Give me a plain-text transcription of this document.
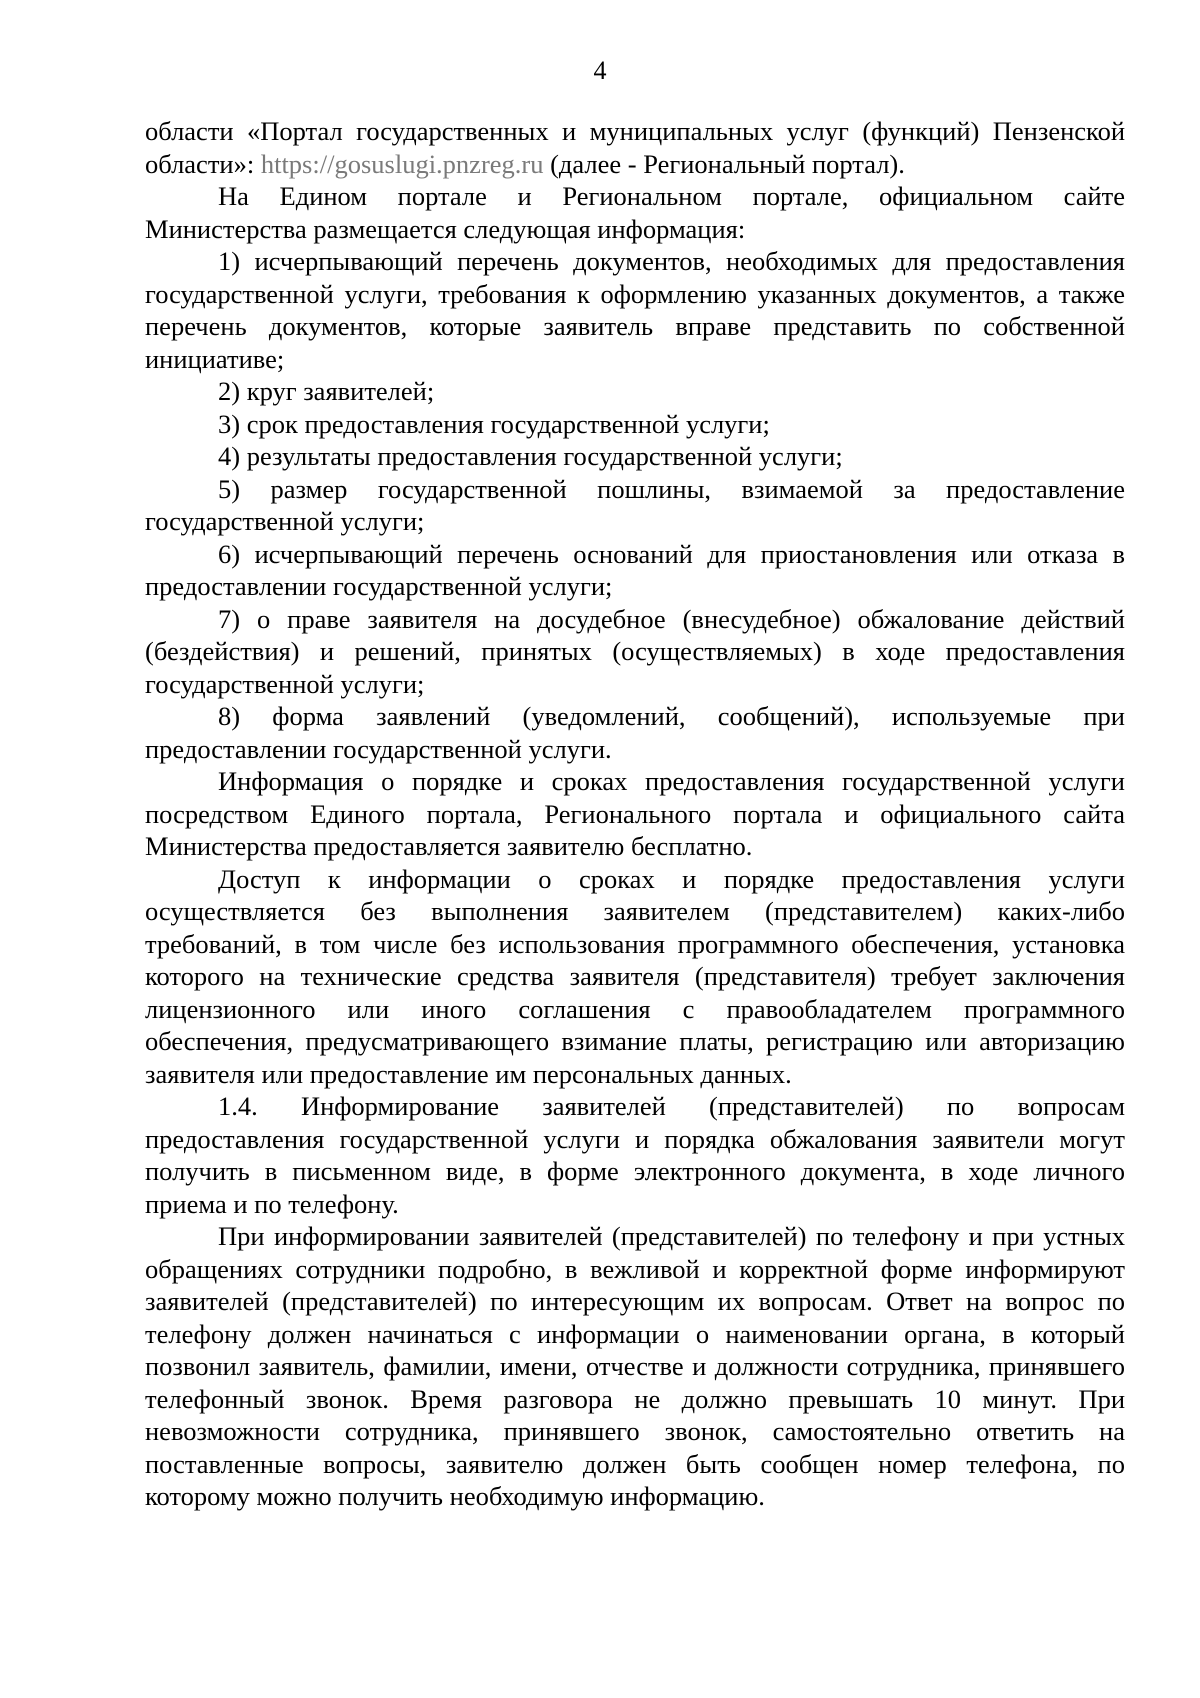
4

области «Портал государственных и муниципальных услуг (функций) Пензенской области»: https://gosuslugi.pnzreg.ru (далее - Региональный портал).

На Едином портале и Региональном портале, официальном сайте Министерства размещается следующая информация:

1) исчерпывающий перечень документов, необходимых для предоставления государственной услуги, требования к оформлению указанных документов, а также перечень документов, которые заявитель вправе представить по собственной инициативе;

2) круг заявителей;

3) срок предоставления государственной услуги;

4) результаты предоставления государственной услуги;

5) размер государственной пошлины, взимаемой за предоставление государственной услуги;

6) исчерпывающий перечень оснований для приостановления или отказа в предоставлении государственной услуги;

7) о праве заявителя на досудебное (внесудебное) обжалование действий (бездействия) и решений, принятых (осуществляемых) в ходе предоставления государственной услуги;

8) форма заявлений (уведомлений, сообщений), используемые при предоставлении государственной услуги.

Информация о порядке и сроках предоставления государственной услуги посредством Единого портала, Регионального портала и официального сайта Министерства предоставляется заявителю бесплатно.

Доступ к информации о сроках и порядке предоставления услуги осуществляется без выполнения заявителем (представителем) каких-либо требований, в том числе без использования программного обеспечения, установка которого на технические средства заявителя (представителя) требует заключения лицензионного или иного соглашения с правообладателем программного обеспечения, предусматривающего взимание платы, регистрацию или авторизацию заявителя или предоставление им персональных данных.

1.4. Информирование заявителей (представителей) по вопросам предоставления государственной услуги и порядка обжалования заявители могут получить в письменном виде, в форме электронного документа, в ходе личного приема и по телефону.

При информировании заявителей (представителей) по телефону и при устных обращениях сотрудники подробно, в вежливой и корректной форме информируют заявителей (представителей) по интересующим их вопросам. Ответ на вопрос по телефону должен начинаться с информации о наименовании органа, в который позвонил заявитель, фамилии, имени, отчестве и должности сотрудника, принявшего телефонный звонок. Время разговора не должно превышать 10 минут. При невозможности сотрудника, принявшего звонок, самостоятельно ответить на поставленные вопросы, заявителю должен быть сообщен номер телефона, по которому можно получить необходимую информацию.
